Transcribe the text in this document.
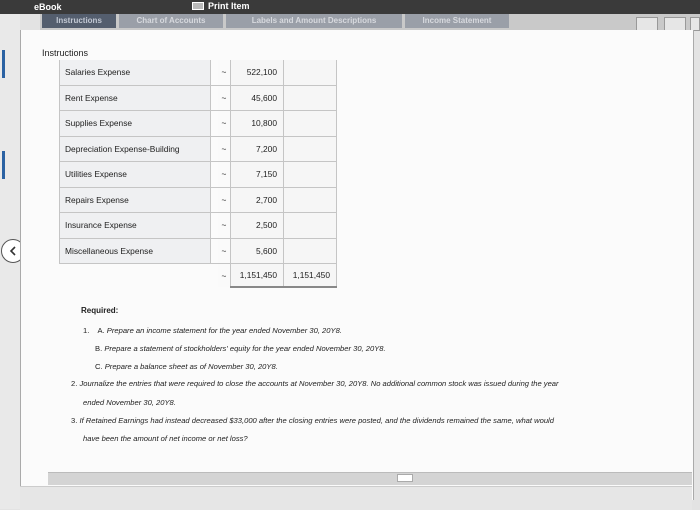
eBook	Print Item
Instructions	Chart of Accounts	Labels and Amount Descriptions	Income Statement
Instructions
Salaries Expense		~	522,100	
Rent Expense		~	45,600	
Supplies Expense		~	10,800	
Depreciation Expense-Building		~	7,200	
Utilities Expense		~	7,150	
Repairs Expense		~	2,700	
Insurance Expense		~	2,500	
Miscellaneous Expense		~	5,600	
		~	1,151,450	1,151,450
Required:
1. A. Prepare an income statement for the year ended November 30, 20Y8.
B. Prepare a statement of stockholders' equity for the year ended November 30, 20Y8.
C. Prepare a balance sheet as of November 30, 20Y8.
2. Journalize the entries that were required to close the accounts at November 30, 20Y8. No additional common stock was issued during the year
ended November 30, 20Y8.
3. If Retained Earnings had instead decreased $33,000 after the closing entries were posted, and the dividends remained the same, what would
have been the amount of net income or net loss?
